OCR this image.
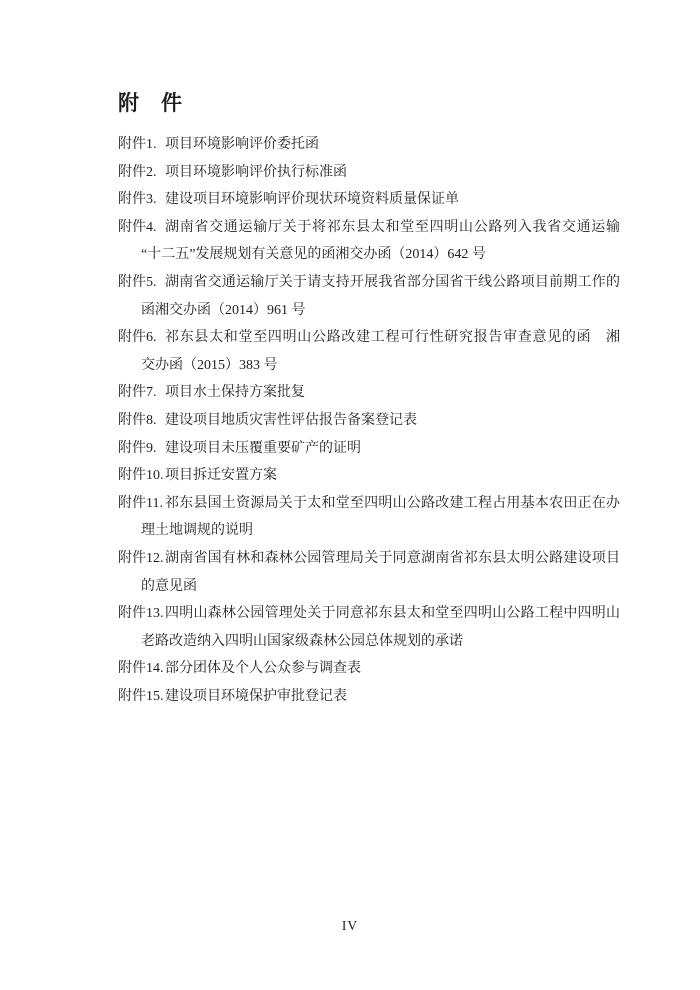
附　件
附件1. 项目环境影响评价委托函
附件2. 项目环境影响评价执行标准函
附件3. 建设项目环境影响评价现状环境资料质量保证单
附件4. 湖南省交通运输厅关于将祁东县太和堂至四明山公路列入我省交通运输
“十二五”发展规划有关意见的函湘交办函（2014）642 号
附件5. 湖南省交通运输厅关于请支持开展我省部分国省干线公路项目前期工作的
函湘交办函（2014）961 号
附件6. 祁东县太和堂至四明山公路改建工程可行性研究报告审查意见的函　湘
交办函（2015）383 号
附件7. 项目水土保持方案批复
附件8. 建设项目地质灾害性评估报告备案登记表
附件9. 建设项目未压覆重要矿产的证明
附件10. 项目拆迁安置方案
附件11. 祁东县国土资源局关于太和堂至四明山公路改建工程占用基本农田正在办
理土地调规的说明
附件12. 湖南省国有林和森林公园管理局关于同意湖南省祁东县太明公路建设项目
的意见函
附件13. 四明山森林公园管理处关于同意祁东县太和堂至四明山公路工程中四明山
老路改造纳入四明山国家级森林公园总体规划的承诺
附件14. 部分团体及个人公众参与调查表
附件15. 建设项目环境保护审批登记表
IV
